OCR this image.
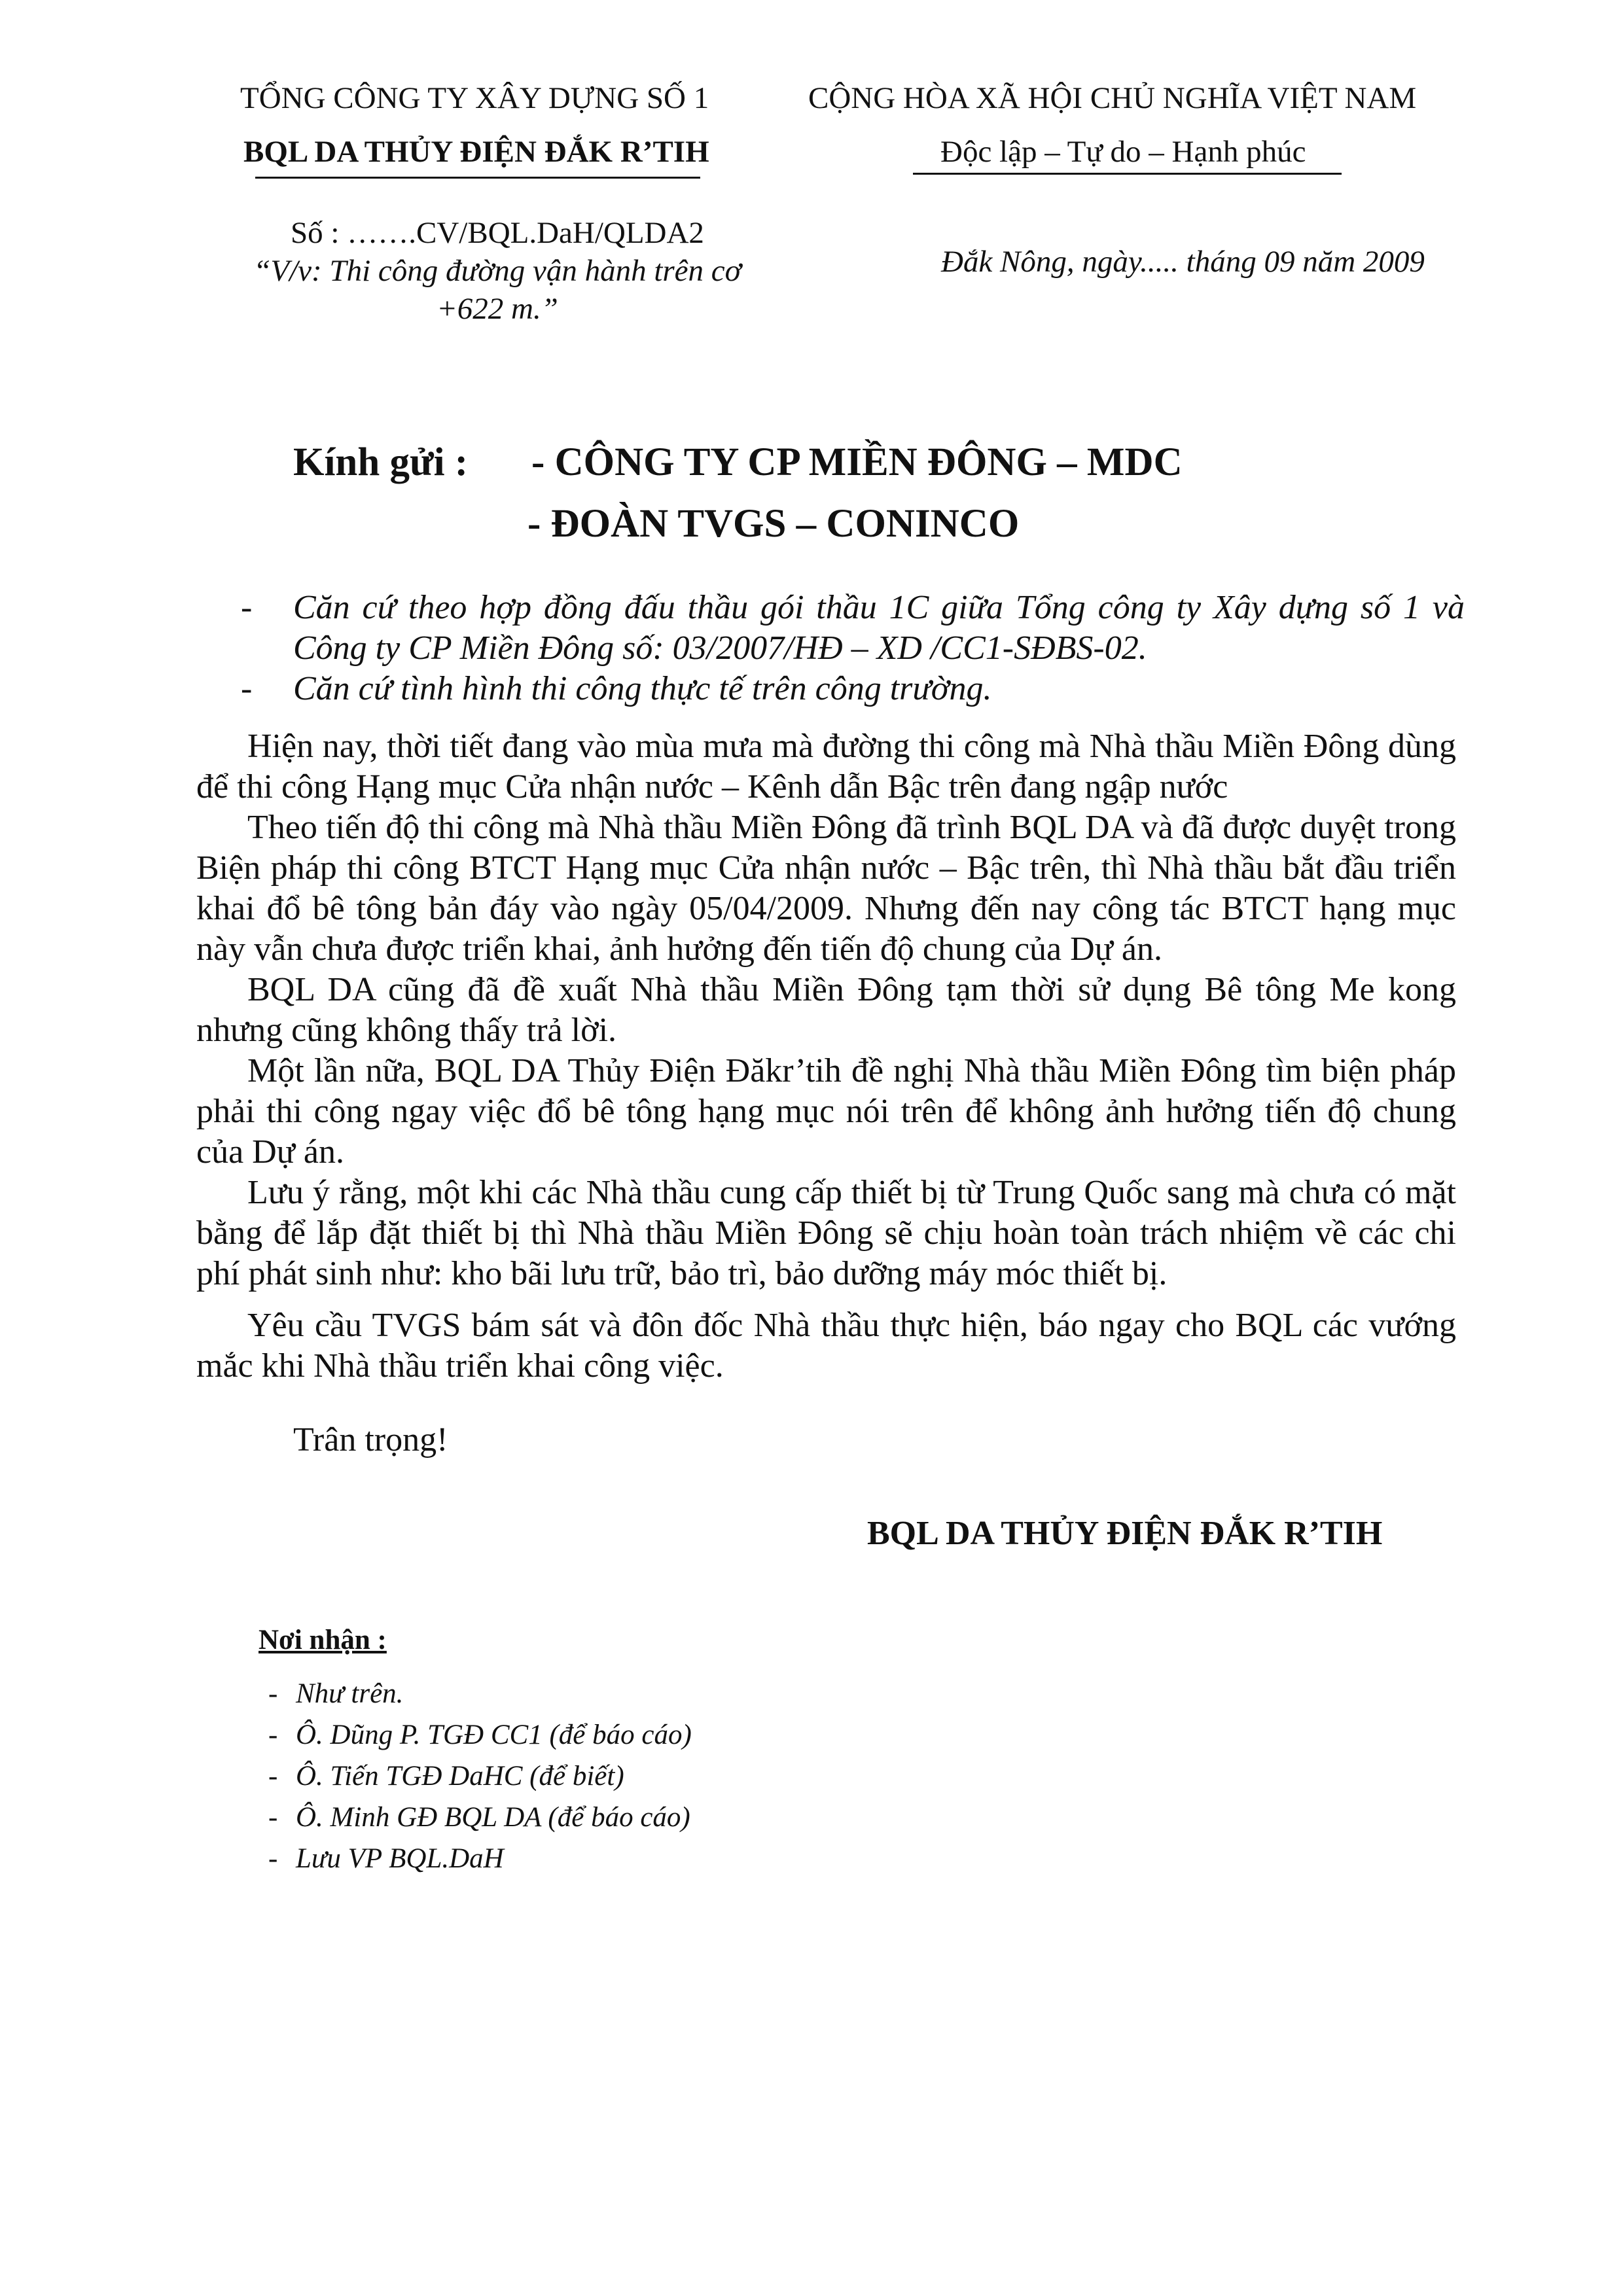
TỔNG CÔNG TY XÂY DỰNG SỐ 1
BQL DA THỦY ĐIỆN ĐẮK R’TIH
CỘNG HÒA XÃ HỘI CHỦ NGHĨA VIỆT NAM
Độc lập – Tự do – Hạnh phúc
Số : …….CV/BQL.DaH/QLDA2
“V/v: Thi công đường vận hành trên cơ
+622 m.”
Đắk Nông, ngày..... tháng 09 năm 2009
Kính gửi : - CÔNG TY CP MIỀN ĐÔNG – MDC
- ĐOÀN TVGS – CONINCO
- Căn cứ theo hợp đồng đấu thầu gói thầu 1C giữa Tổng công ty Xây dựng số 1 và Công ty CP Miền Đông số: 03/2007/HĐ – XD /CC1-SĐBS-02.
- Căn cứ tình hình thi công thực tế trên công trường.
Hiện nay, thời tiết đang vào mùa mưa mà đường thi công mà Nhà thầu Miền Đông dùng để thi công Hạng mục Cửa nhận nước – Kênh dẫn Bậc trên đang ngập nước
Theo tiến độ thi công mà Nhà thầu Miền Đông đã trình BQL DA và đã được duyệt trong Biện pháp thi công BTCT Hạng mục Cửa nhận nước – Bậc trên, thì Nhà thầu bắt đầu triển khai đổ bê tông bản đáy vào ngày 05/04/2009. Nhưng đến nay công tác BTCT hạng mục này vẫn chưa được triển khai, ảnh hưởng đến tiến độ chung của Dự án.
BQL DA cũng đã đề xuất Nhà thầu Miền Đông tạm thời sử dụng Bê tông Me kong nhưng cũng không thấy trả lời.
Một lần nữa, BQL DA Thủy Điện Đăkr’tih đề nghị Nhà thầu Miền Đông tìm biện pháp phải thi công ngay việc đổ bê tông hạng mục nói trên để không ảnh hưởng tiến độ chung của Dự án.
Lưu ý rằng, một khi các Nhà thầu cung cấp thiết bị từ Trung Quốc sang mà chưa có mặt bằng để lắp đặt thiết bị thì Nhà thầu Miền Đông sẽ chịu hoàn toàn trách nhiệm về các chi phí phát sinh như: kho bãi lưu trữ, bảo trì, bảo dưỡng máy móc thiết bị.
Yêu cầu TVGS bám sát và đôn đốc Nhà thầu thực hiện, báo ngay cho BQL các vướng mắc khi Nhà thầu triển khai công việc.
Trân trọng!
BQL DA THỦY ĐIỆN ĐẮK R’TIH
Nơi nhận :
- Như trên.
- Ô. Dũng P. TGĐ CC1 (để báo cáo)
- Ô. Tiến TGĐ DaHC (để biết)
- Ô. Minh GĐ BQL DA (để báo cáo)
- Lưu VP BQL.DaH
